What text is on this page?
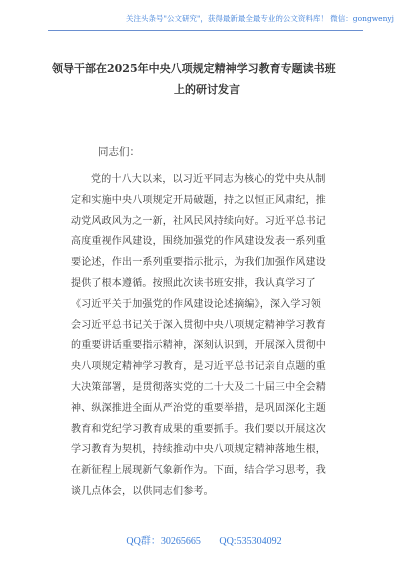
关注头条号"公文研究"，获得最新最全最专业的公文资料库！ 微信：gongwenyj
领导干部在2025年中央八项规定精神学习教育专题读书班
上的研讨发言
同志们：
党的十八大以来，以习近平同志为核心的党中央从制
定和实施中央八项规定开局破题，持之以恒正风肃纪，推
动党风政风为之一新，社风民风持续向好。习近平总书记
高度重视作风建设，围绕加强党的作风建设发表一系列重
要论述，作出一系列重要指示批示，为我们加强作风建设
提供了根本遵循。按照此次读书班安排，我认真学习了
《习近平关于加强党的作风建设论述摘编》，深入学习领
会习近平总书记关于深入贯彻中央八项规定精神学习教育
的重要讲话重要指示精神，深刻认识到，开展深入贯彻中
央八项规定精神学习教育，是习近平总书记亲自点题的重
大决策部署，是贯彻落实党的二十大及二十届三中全会精
神、纵深推进全面从严治党的重要举措，是巩固深化主题
教育和党纪学习教育成果的重要抓手。我们要以开展这次
学习教育为契机，持续推动中央八项规定精神落地生根，
在新征程上展现新气象新作为。下面，结合学习思考，我
谈几点体会，以供同志们参考。
QQ群：30265665 QQ:535304092
